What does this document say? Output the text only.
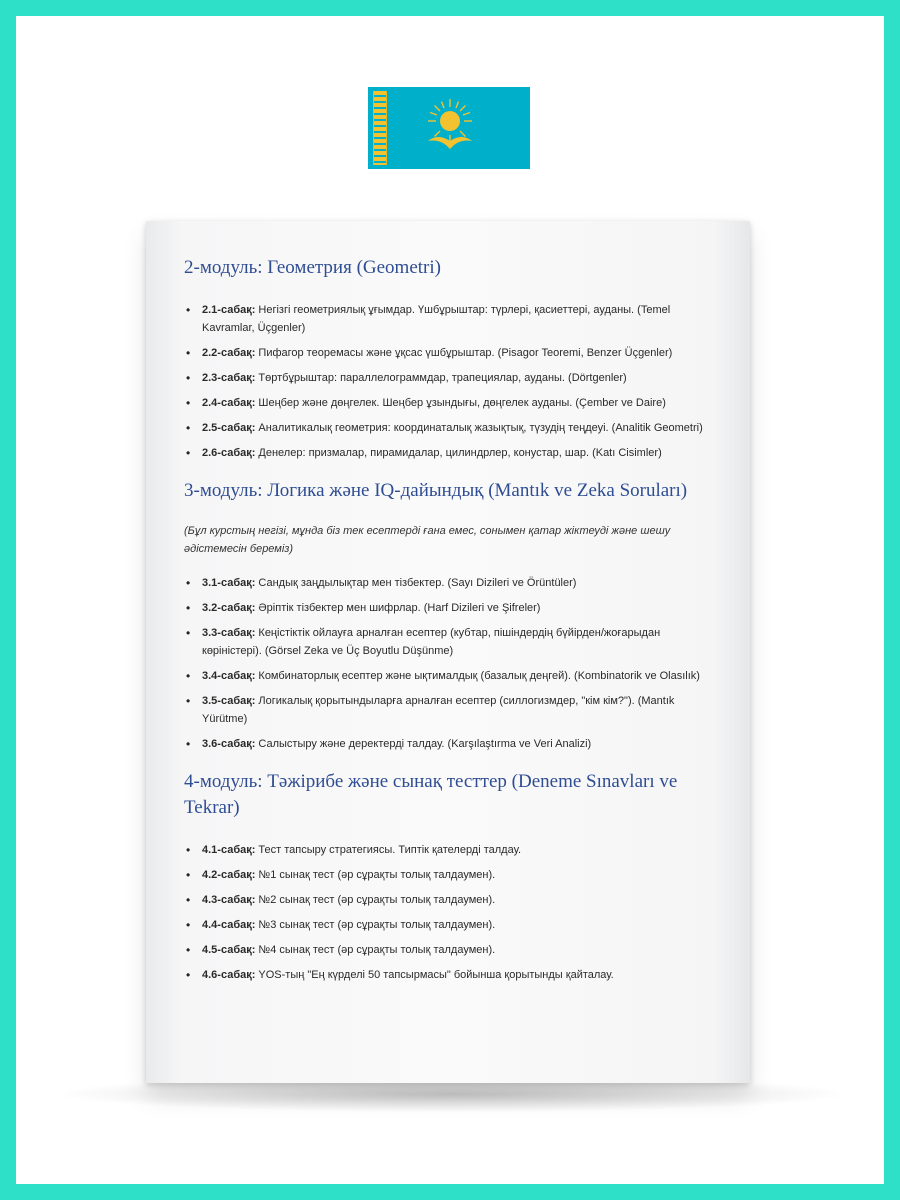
2-модуль: Геометрия (Geometri)
• 2.1-сабақ: Негізгі геометриялық ұғымдар. Үшбұрыштар: түрлері, қасиеттері, ауданы. (Temel Kavramlar, Üçgenler)
• 2.2-сабақ: Пифагор теоремасы және ұқсас үшбұрыштар. (Pisagor Teoremi, Benzer Üçgenler)
• 2.3-сабақ: Төртбұрыштар: параллелограммдар, трапециялар, ауданы. (Dörtgenler)
• 2.4-сабақ: Шеңбер және дөңгелек. Шеңбер ұзындығы, дөңгелек ауданы. (Çember ve Daire)
• 2.5-сабақ: Аналитикалық геометрия: координаталық жазықтық, түзудің теңдеуі. (Analitik Geometri)
• 2.6-сабақ: Денелер: призмалар, пирамидалар, цилиндрлер, конустар, шар. (Katı Cisimler)
3-модуль: Логика және IQ-дайындық (Mantık ve Zeka Soruları)

(Бұл курстың негізі, мұнда біз тек есептерді ғана емес, сонымен қатар жіктеуді және шешу әдістемесін береміз)

• 3.1-сабақ: Сандық заңдылықтар мен тізбектер. (Sayı Dizileri ve Örüntüler)
• 3.2-сабақ: Әріптік тізбектер мен шифрлар. (Harf Dizileri ve Şifreler)
• 3.3-сабақ: Кеңістіктік ойлауға арналған есептер (кубтар, пішіндердің бүйірден/жоғарыдан көріністері). (Görsel Zeka ve Üç Boyutlu Düşünme)
• 3.4-сабақ: Комбинаторлық есептер және ықтималдық (базалық деңгей). (Kombinatorik ve Olasılık)
• 3.5-сабақ: Логикалық қорытындыларға арналған есептер (силлогизмдер, "кім кім?"). (Mantık Yürütme)
• 3.6-сабақ: Салыстыру және деректерді талдау. (Karşılaştırma ve Veri Analizi)
4-модуль: Тәжірибе және сынақ тесттер (Deneme Sınavları ve Tekrar)
• 4.1-сабақ: Тест тапсыру стратегиясы. Типтік қателерді талдау.
• 4.2-сабақ: №1 сынақ тест (әр сұрақты толық талдаумен).
• 4.3-сабақ: №2 сынақ тест (әр сұрақты толық талдаумен).
• 4.4-сабақ: №3 сынақ тест (әр сұрақты толық талдаумен).
• 4.5-сабақ: №4 сынақ тест (әр сұрақты толық талдаумен).
• 4.6-сабақ: YOS-тың "Ең күрделі 50 тапсырмасы" бойынша қорытынды қайталау.
